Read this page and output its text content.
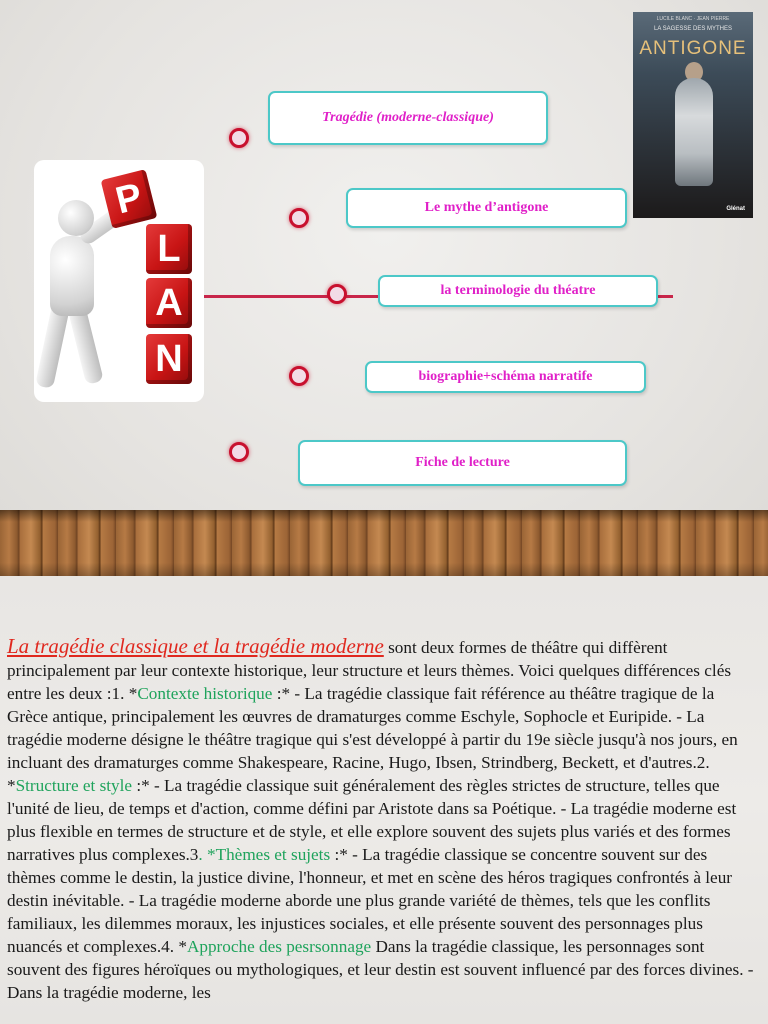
P
L
A
N
Tragédie (moderne-classique)
Le mythe d’antigone
la terminologie du théatre
biographie+schéma narratife
Fiche de lecture
LUCILE BLANC · JEAN PIERRE
LA SAGESSE DES MYTHES
ANTIGONE
Glénat

La tragédie classique et la tragédie moderne sont deux formes de théâtre qui diffèrent principalement par leur contexte historique, leur structure et leurs thèmes. Voici quelques différences clés entre les deux :1. *Contexte historique :* - La tragédie classique fait référence au théâtre tragique de la Grèce antique, principalement les œuvres de dramaturges comme Eschyle, Sophocle et Euripide. - La tragédie moderne désigne le théâtre tragique qui s'est développé à partir du 19e siècle jusqu'à nos jours, en incluant des dramaturges comme Shakespeare, Racine, Hugo, Ibsen, Strindberg, Beckett, et d'autres.2. *Structure et style :* - La tragédie classique suit généralement des règles strictes de structure, telles que l'unité de lieu, de temps et d'action, comme défini par Aristote dans sa Poétique. - La tragédie moderne est plus flexible en termes de structure et de style, et elle explore souvent des sujets plus variés et des formes narratives plus complexes.3. *Thèmes et sujets :* - La tragédie classique se concentre souvent sur des thèmes comme le destin, la justice divine, l'honneur, et met en scène des héros tragiques confrontés à leur destin inévitable. - La tragédie moderne aborde une plus grande variété de thèmes, tels que les conflits familiaux, les dilemmes moraux, les injustices sociales, et elle présente souvent des personnages plus nuancés et complexes.4. *Approche des pesrsonnage Dans la tragédie classique, les personnages sont souvent des figures héroïques ou mythologiques, et leur destin est souvent influencé par des forces divines. - Dans la tragédie moderne, les
